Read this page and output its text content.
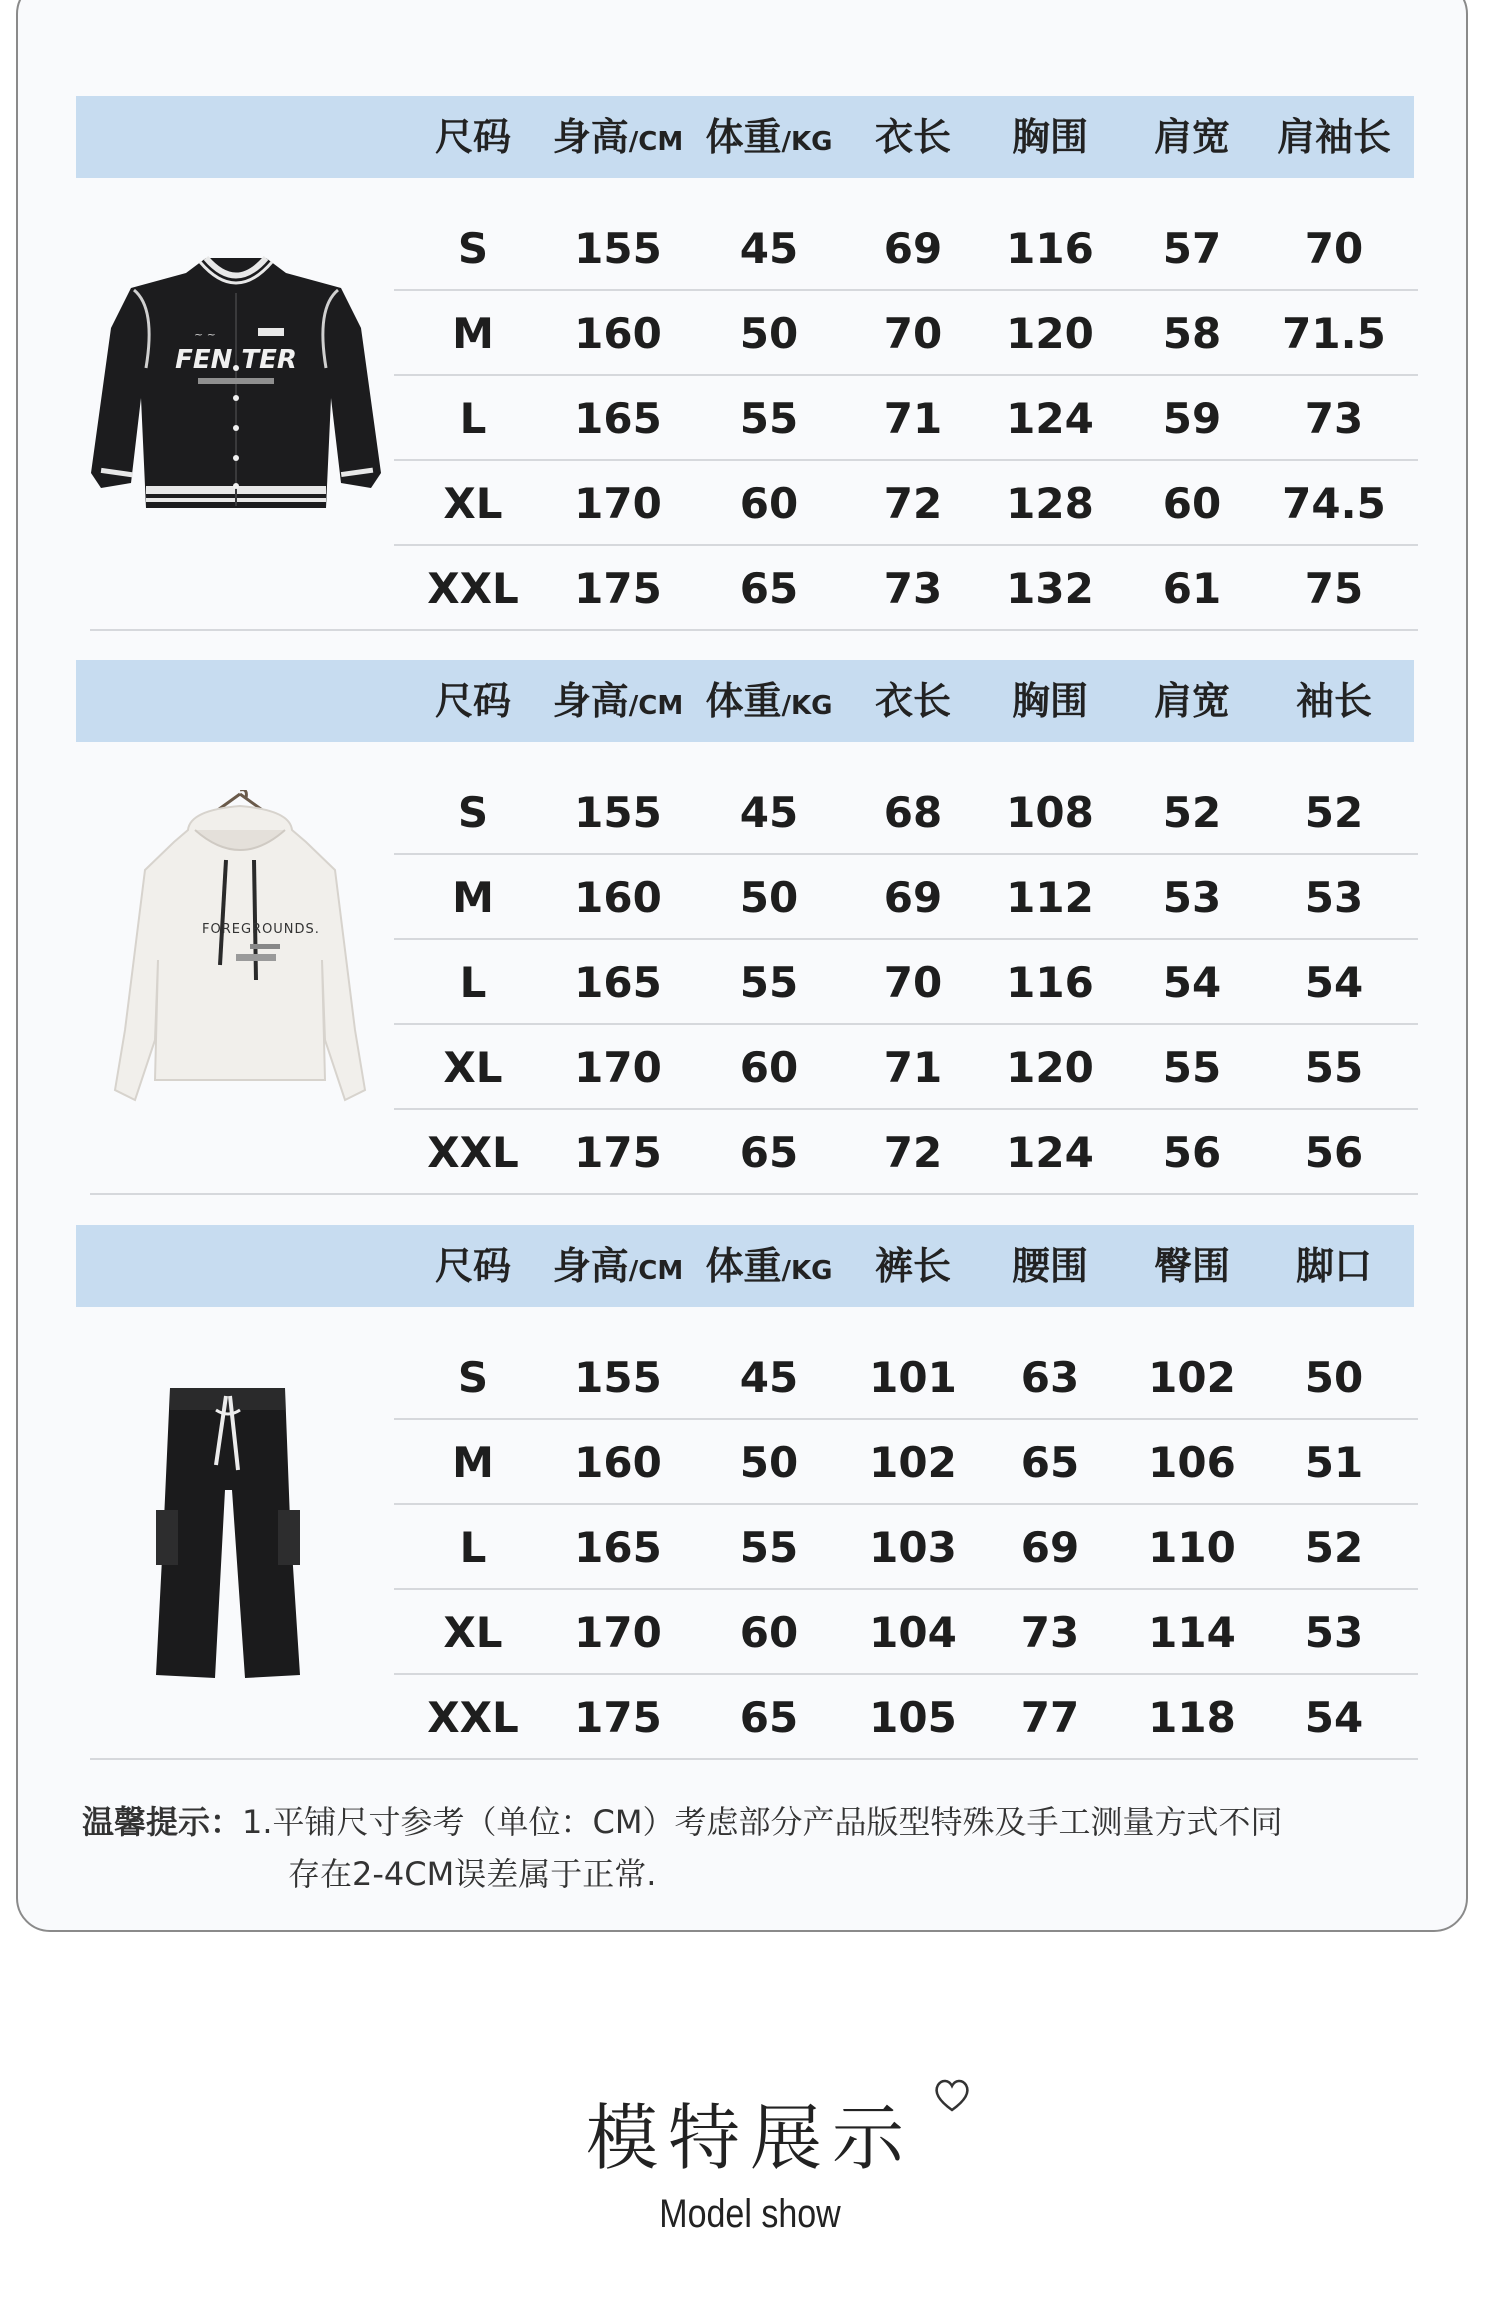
尺码 身高/CM 体重/KG 衣长 胸围 肩宽 肩袖长
S 155 45 69 116 57 70
M 160 50 70 120 58 71.5
L 165 55 71 124 59 73
XL 170 60 72 128 60 74.5
XXL 175 65 73 132 61 75
尺码 身高/CM 体重/KG 衣长 胸围 肩宽 袖长
S 155 45 68 108 52 52
M 160 50 69 112 53 53
L 165 55 70 116 54 54
XL 170 60 71 120 55 55
XXL 175 65 72 124 56 56
尺码 身高/CM 体重/KG 裤长 腰围 臀围 脚口
S 155 45 101 63 102 50
M 160 50 102 65 106 51
L 165 55 103 69 110 52
XL 170 60 104 73 114 53
XXL 175 65 105 77 118 54
FEN TER
~ ~
FOREGROUNDS.
温馨提示：1.平铺尺寸参考（单位：CM）考虑部分产品版型特殊及手工测量方式不同
存在2-4CM误差属于正常.
模特展示
Model show
